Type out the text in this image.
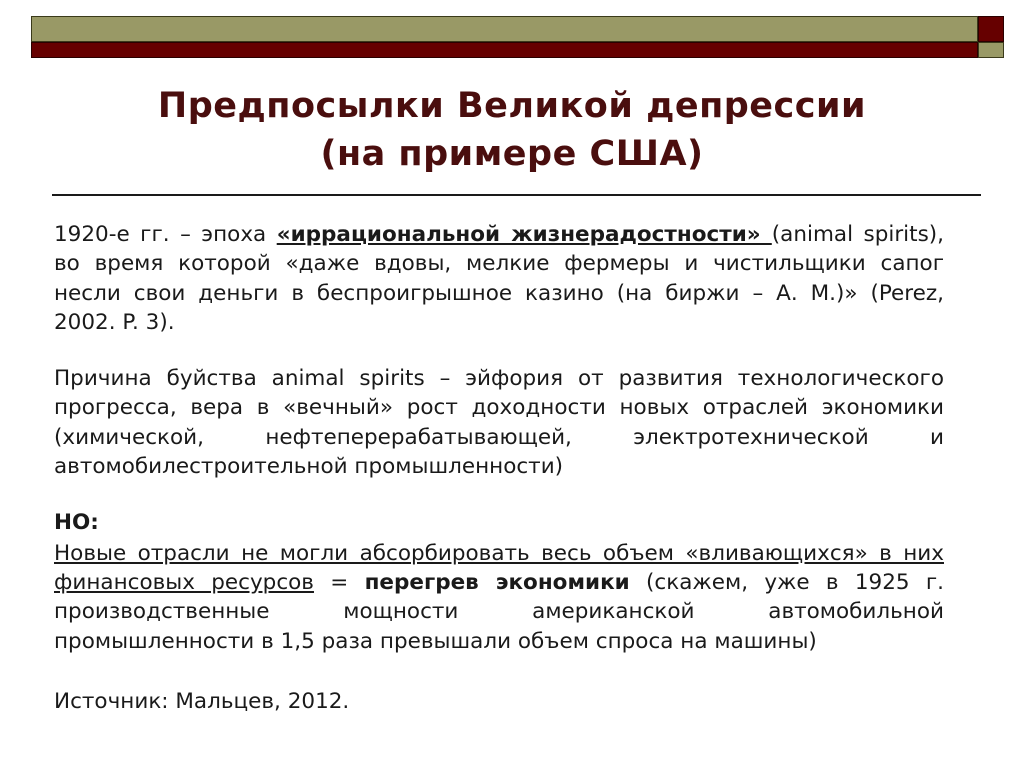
Предпосылки Великой депрессии
(на примере США)

1920-е гг. – эпоха «иррациональной жизнерадостности» (animal spirits), во время которой «даже вдовы, мелкие фермеры и чистильщики сапог несли свои деньги в беспроигрышное казино (на биржи – А. М.)» (Perez, 2002. P. 3).

Причина буйства animal spirits – эйфория от развития технологического прогресса, вера в «вечный» рост доходности новых отраслей экономики (химической, нефтеперерабатывающей, электротехнической и автомобилестроительной промышленности)

НО:

Новые отрасли не могли абсорбировать весь объем «вливающихся» в них финансовых ресурсов = перегрев экономики (скажем, уже в 1925 г. производственные мощности американской автомобильной промышленности в 1,5 раза превышали объем спроса на машины)

Источник: Мальцев, 2012.
